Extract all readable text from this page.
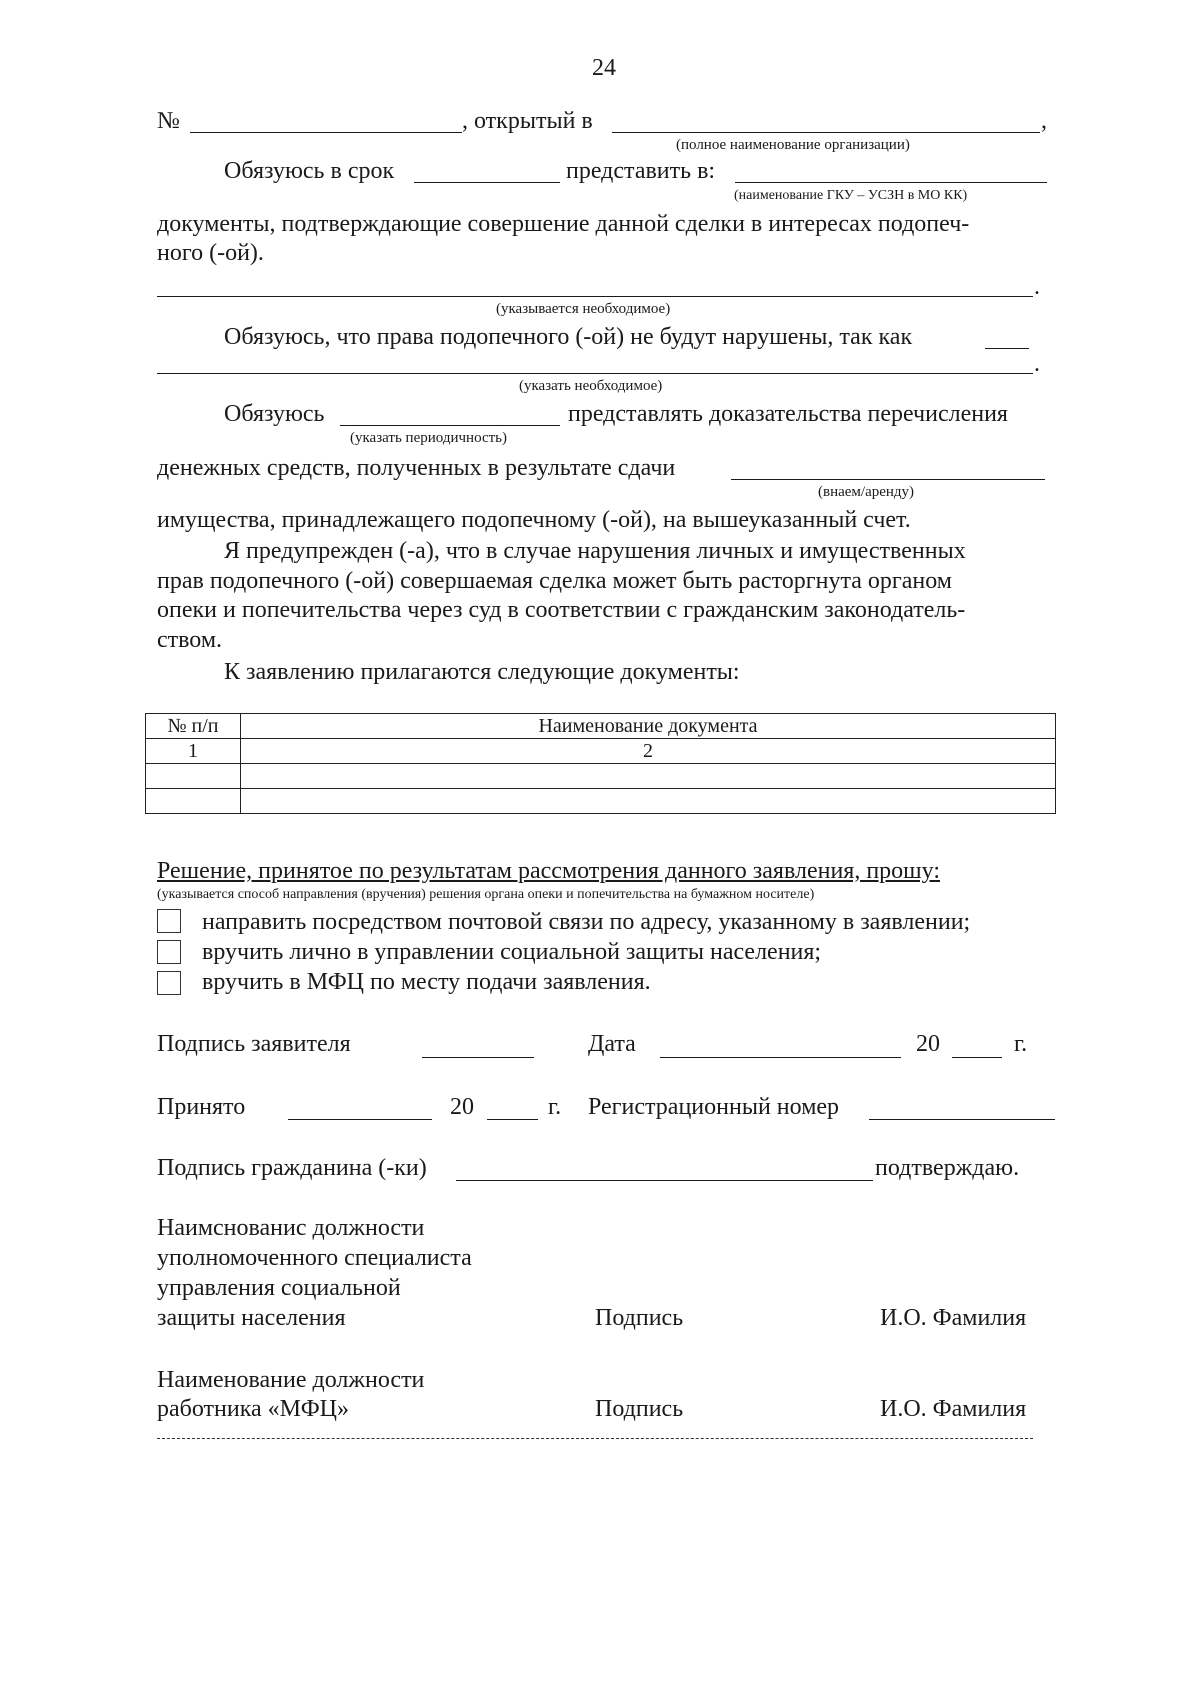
24
№	, открытый в	,
(полное наименование организации)
Обязуюсь в срок	представить в:
(наименование ГКУ – УСЗН в МО КК)
документы, подтверждающие совершение данной сделки в интересах подопеч-
ного (-ой).
.
(указывается необходимое)
Обязуюсь, что права подопечного (-ой) не будут нарушены, так как
.
(указать необходимое)
Обязуюсь	представлять доказательства перечисления
(указать периодичность)
денежных средств, полученных в результате сдачи
(внаем/аренду)
имущества, принадлежащего подопечному (-ой), на вышеуказанный счет.
Я предупрежден (-а), что в случае нарушения личных и имущественных
прав подопечного (-ой) совершаемая сделка может быть расторгнута органом
опеки и попечительства через суд в соответствии с гражданским законодатель-
ством.
К заявлению прилагаются следующие документы:
№ п/п	Наименование документа
1	2

Решение, принятое по результатам рассмотрения данного заявления, прошу:
(указывается способ направления (вручения) решения органа опеки и попечительства на бумажном носителе)
направить посредством почтовой связи по адресу, указанному в заявлении;
вручить лично в управлении социальной защиты населения;
вручить в МФЦ по месту подачи заявления.
Подпись заявителя	Дата	20	г.
Принято	20	г. Регистрационный номер
Подпись гражданина (-ки)	подтверждаю.
Наимснованис должности
уполномоченного специалиста
управления социальной
защиты населения	Подпись	И.О. Фамилия
Наименование должности
работника «МФЦ»	Подпись	И.О. Фамилия
